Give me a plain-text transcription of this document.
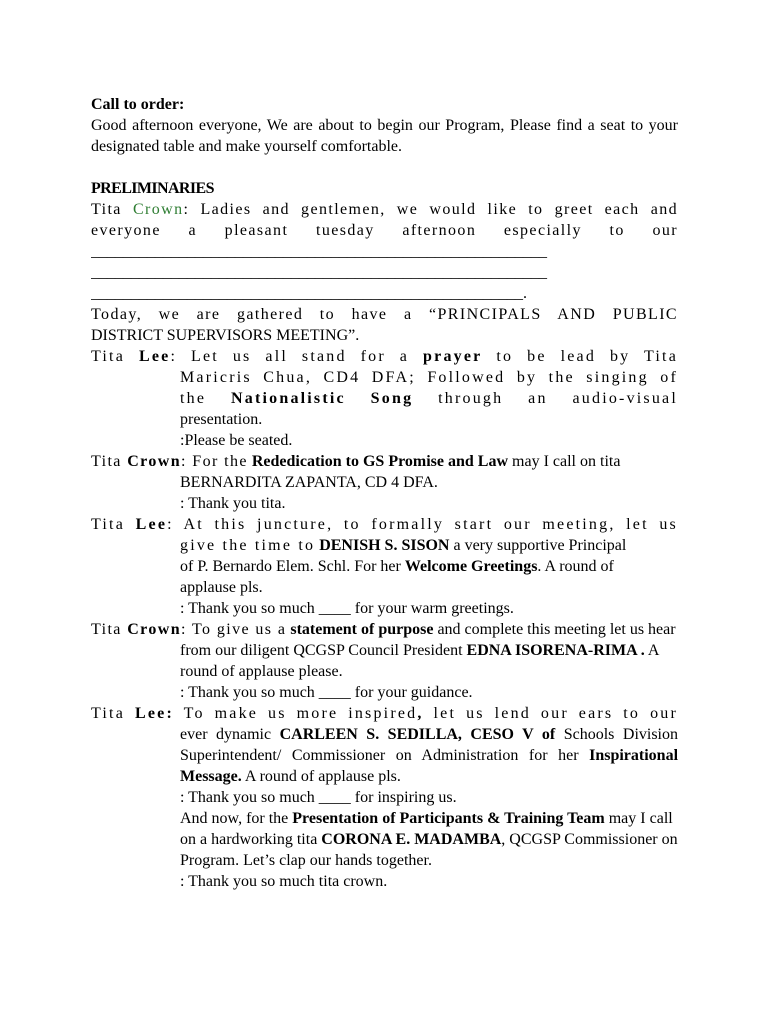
Call to order:

Good afternoon everyone, We are about to begin our Program, Please find a seat to your designated table and make yourself comfortable.

PRELIMINARIES

Tita Crown: Ladies and gentlemen, we would like to greet each and

everyone a pleasant tuesday afternoon especially to our

_________________________________________________________

_________________________________________________________

______________________________________________________.

Today, we are gathered to have a “PRINCIPALS AND PUBLIC

DISTRICT SUPERVISORS MEETING”.

Tita Lee: Let us all stand for a prayer to be lead by Tita

Maricris Chua, CD4 DFA; Followed by the singing of

the Nationalistic Song through an audio-visual

presentation.

:Please be seated.

Tita Crown: For the Rededication to GS Promise and Law may I call on tita BERNARDITA ZAPANTA, CD 4 DFA.

: Thank you tita.

Tita Lee: At this juncture, to formally start our meeting, let us

give the time to DENISH S. SISON a very supportive Principal

of P. Bernardo Elem. Schl. For her Welcome Greetings. A round of

applause pls.

: Thank you so much ____ for your warm greetings.

Tita Crown: To give us a statement of purpose and complete this meeting let us hear from our diligent QCGSP Council President EDNA ISORENA-RIMA . A round of applause please.

: Thank you so much ____ for your guidance.

Tita Lee: To make us more inspired, let us lend our ears to our

ever dynamic CARLEEN S. SEDILLA, CESO V of Schools Division Superintendent/ Commissioner on Administration for her Inspirational Message. A round of applause pls.

: Thank you so much ____ for inspiring us.

And now, for the Presentation of Participants & Training Team may I call on a hardworking tita CORONA E. MADAMBA, QCGSP Commissioner on Program. Let’s clap our hands together.

: Thank you so much tita crown.
